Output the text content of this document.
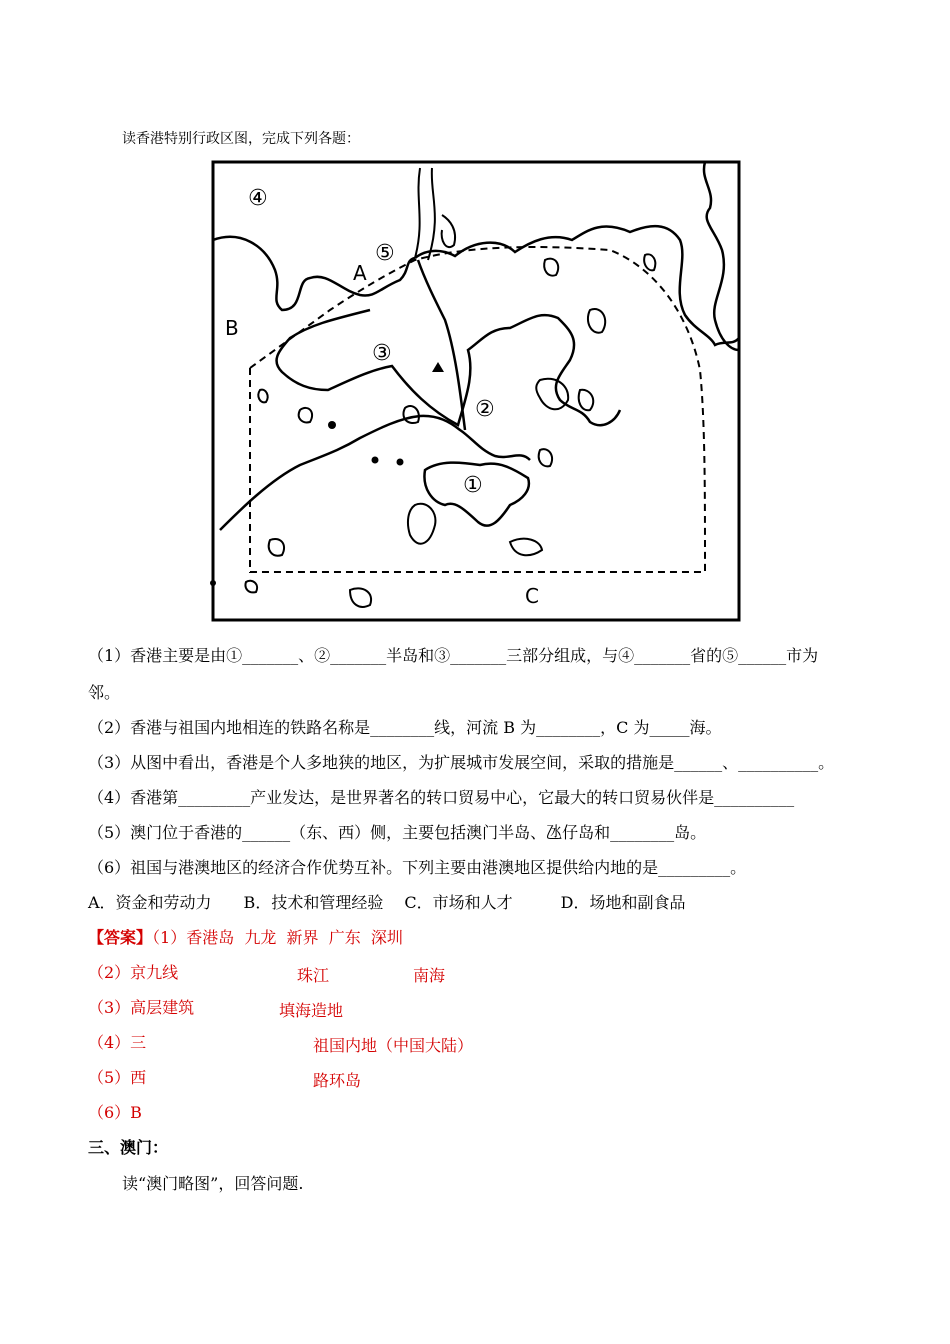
读香港特别行政区图，完成下列各题：
④
⑤
A
B
③
②
①
C
（1）香港主要是由①_______、②_______半岛和③_______三部分组成，与④_______省的⑤______市为
邻。
（2）香港与祖国内地相连的铁路名称是________线，河流 B 为________，C 为_____海。
（3）从图中看出，香港是个人多地狭的地区，为扩展城市发展空间，采取的措施是______、__________。
（4）香港第_________产业发达，是世界著名的转口贸易中心，它最大的转口贸易伙伴是__________
（5）澳门位于香港的______（东、西）侧，主要包括澳门半岛、氹仔岛和________岛。
（6）祖国与港澳地区的经济合作优势互补。下列主要由港澳地区提供给内地的是_________。
A．资金和劳动力　　B．技术和管理经验　 C．市场和人才　　　D．场地和副食品
【答案】（1）香港岛  九龙  新界  广东  深圳
（2）京九线	珠江	南海
（3）高层建筑	填海造地
（4）三	祖国内地（中国大陆）
（5）西	路环岛
（6）B
三、澳门：
读“澳门略图”，回答问题.
